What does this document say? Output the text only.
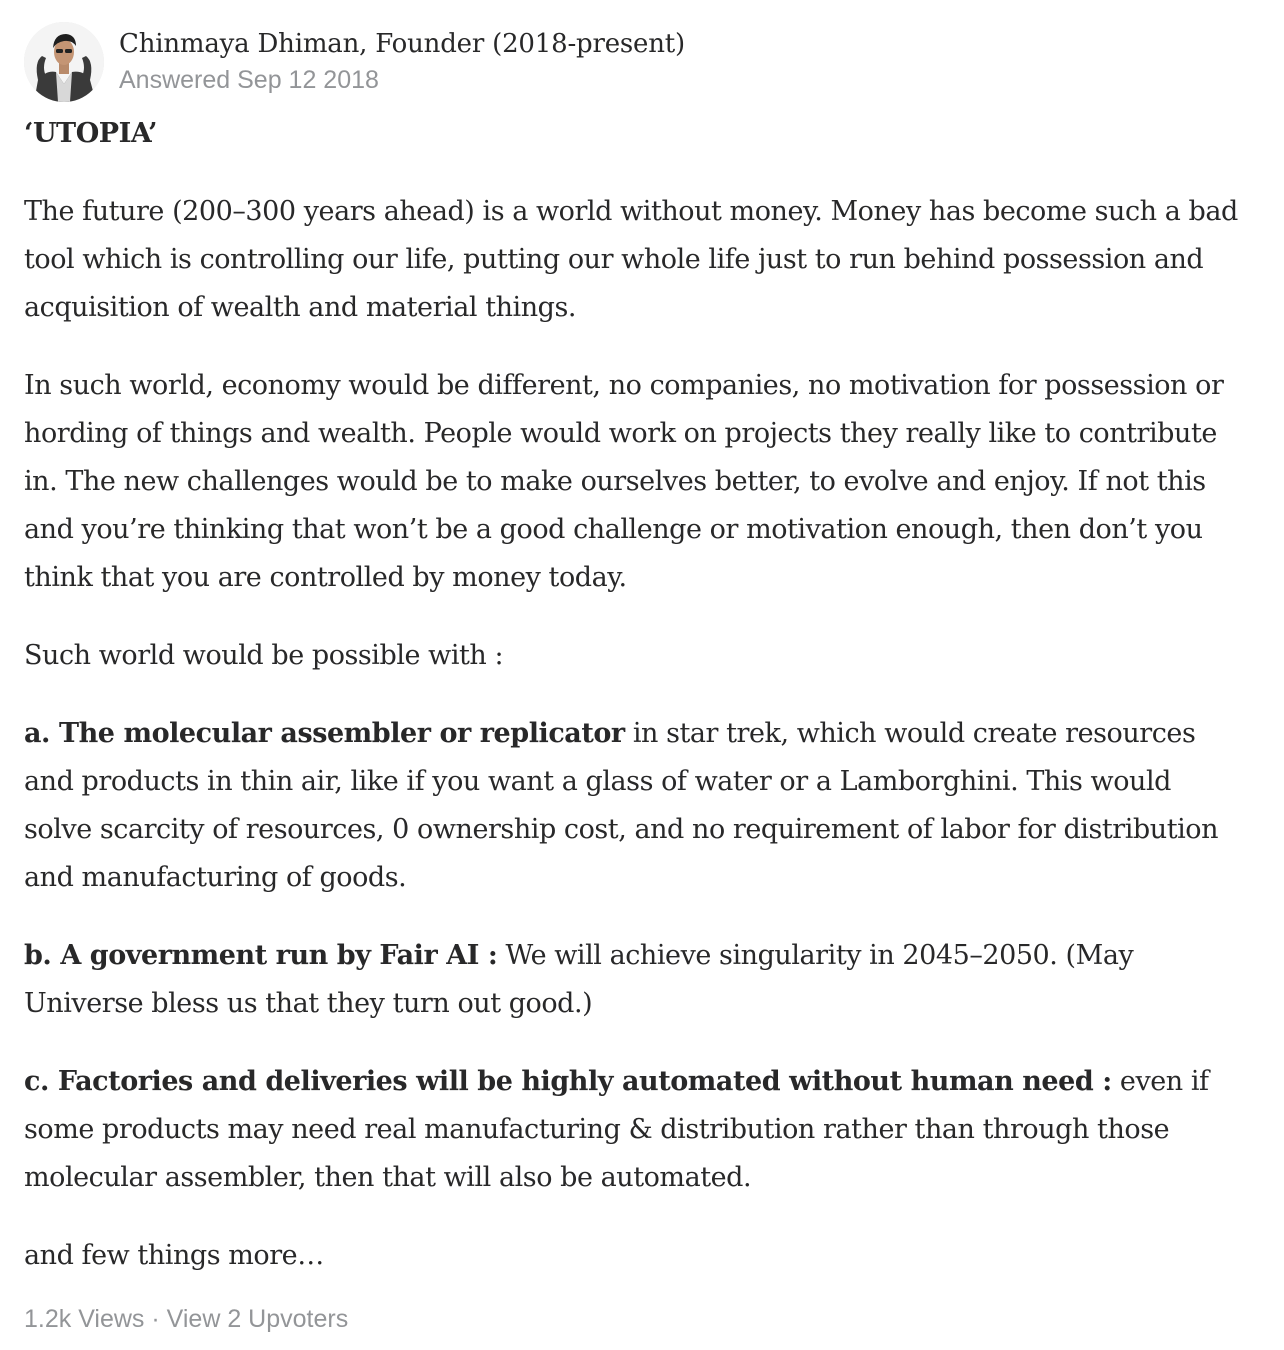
Chinmaya Dhiman, Founder (2018-present)
Answered Sep 12 2018

‘UTOPIA’

The future (200–300 years ahead) is a world without money. Money has become such a bad tool which is controlling our life, putting our whole life just to run behind possession and acquisition of wealth and material things.

In such world, economy would be different, no companies, no motivation for possession or hording of things and wealth. People would work on projects they really like to contribute in. The new challenges would be to make ourselves better, to evolve and enjoy. If not this and you’re thinking that won’t be a good challenge or motivation enough, then don’t you think that you are controlled by money today.

Such world would be possible with :

a. The molecular assembler or replicator in star trek, which would create resources and products in thin air, like if you want a glass of water or a Lamborghini. This would solve scarcity of resources, 0 ownership cost, and no requirement of labor for distribution and manufacturing of goods.

b. A government run by Fair AI : We will achieve singularity in 2045–2050. (May Universe bless us that they turn out good.)

c. Factories and deliveries will be highly automated without human need : even if some products may need real manufacturing & distribution rather than through those molecular assembler, then that will also be automated.

and few things more…

1.2k Views · View 2 Upvoters
